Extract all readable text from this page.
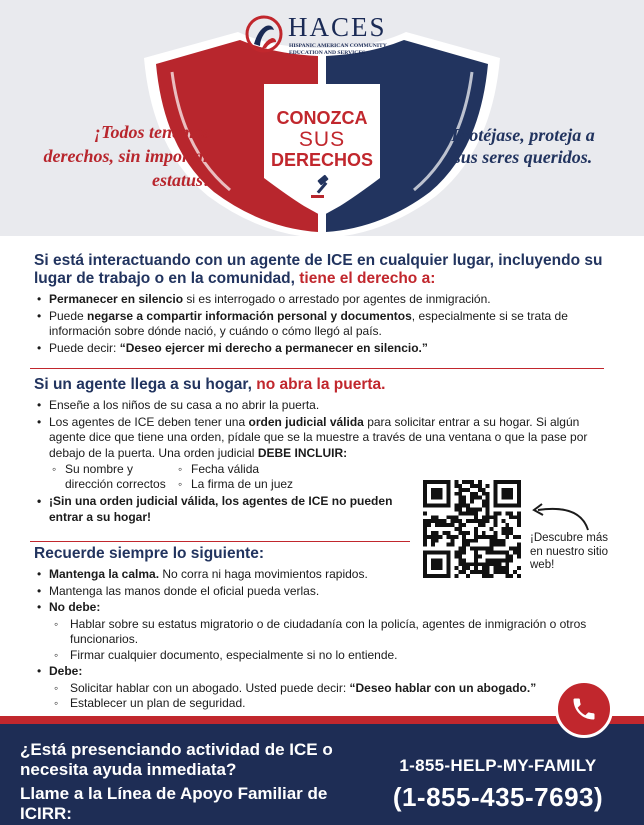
HACES
HISPANIC AMERICAN COMMUNITY EDUCATION AND SERVICES
CONOZCA
SUS
DERECHOS
¡Todos tenemos derechos, sin importar estatus!
Protéjase, proteja a sus seres queridos.
Si está interactuando con un agente de ICE en cualquier lugar, incluyendo su lugar de trabajo o en la comunidad, tiene el derecho a:
• Permanecer en silencio si es interrogado o arrestado por agentes de inmigración.
• Puede negarse a compartir información personal y documentos, especialmente si se trata de información sobre dónde nació, y cuándo o cómo llegó al país.
• Puede decir: “Deseo ejercer mi derecho a permanecer en silencio.”
Si un agente llega a su hogar, no abra la puerta.
• Enseñe a los niños de su casa a no abrir la puerta.
• Los agentes de ICE deben tener una orden judicial válida para solicitar entrar a su hogar. Si algún agente dice que tiene una orden, pídale que se la muestre a través de una ventana o que la pase por debajo de la puerta. Una orden judicial DEBE INCLUIR:
◦ Su nombre y dirección correctos
◦ Fecha válida
◦ La firma de un juez
• ¡Sin una orden judicial válida, los agentes de ICE no pueden entrar a su hogar!
¡Descubre más en nuestro sitio web!
Recuerde siempre lo siguiente:
• Mantenga la calma. No corra ni haga movimientos rapidos.
• Mantenga las manos donde el oficial pueda verlas.
• No debe:
◦ Hablar sobre su estatus migratorio o de ciudadanía con la policía, agentes de inmigración o otros funcionarios.
◦ Firmar cualquier documento, especialmente si no lo entiende.
• Debe:
◦ Solicitar hablar con un abogado. Usted puede decir: “Deseo hablar con un abogado.”
◦ Establecer un plan de seguridad.
¿Está presenciando actividad de ICE o necesita ayuda inmediata?
Llame a la Línea de Apoyo Familiar de ICIRR:
1-855-HELP-MY-FAMILY
(1-855-435-7693)
